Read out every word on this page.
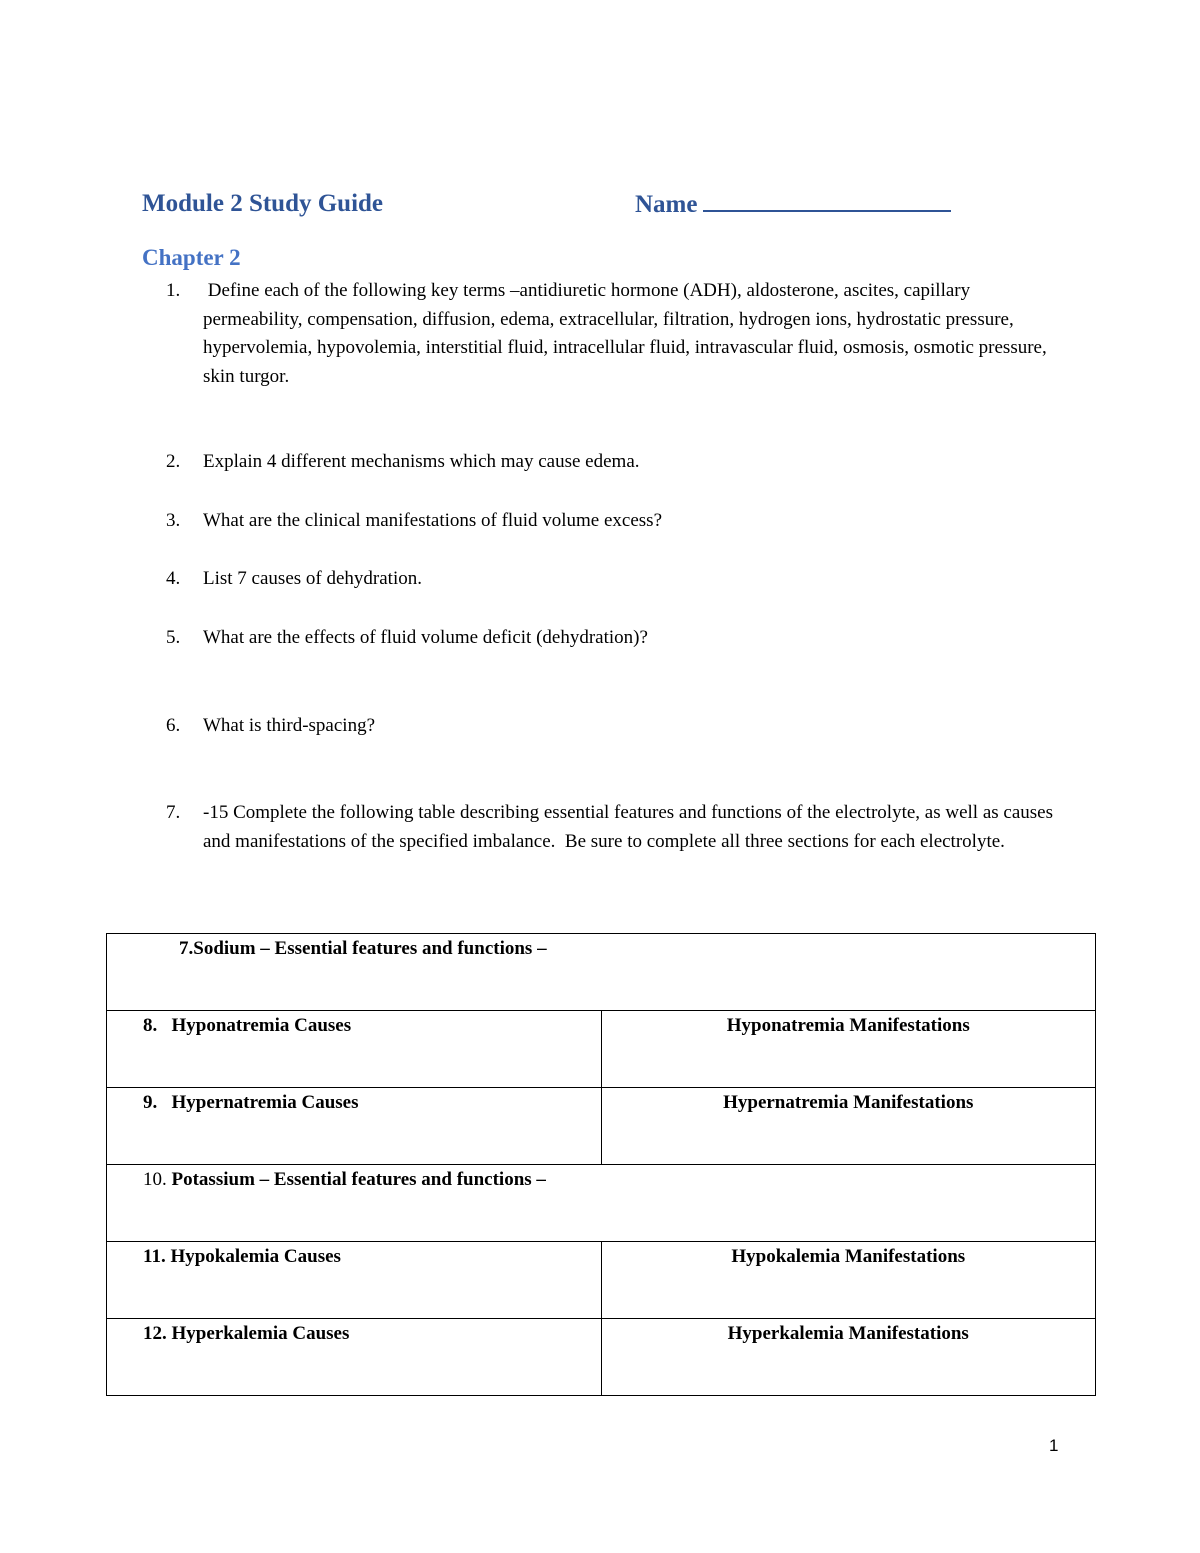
Module 2 Study Guide	Name
Chapter 2
1.	Define each of the following key terms –antidiuretic hormone (ADH), aldosterone, ascites, capillary permeability, compensation, diffusion, edema, extracellular, filtration, hydrogen ions, hydrostatic pressure, hypervolemia, hypovolemia, interstitial fluid, intracellular fluid, intravascular fluid, osmosis, osmotic pressure, skin turgor.
2.	Explain 4 different mechanisms which may cause edema.
3.	What are the clinical manifestations of fluid volume excess?
4.	List 7 causes of dehydration.
5.	What are the effects of fluid volume deficit (dehydration)?
6.	What is third-spacing?
7.	-15 Complete the following table describing essential features and functions of the electrolyte, as well as causes and manifestations of the specified imbalance.  Be sure to complete all three sections for each electrolyte.
7.Sodium – Essential features and functions –	
8.   Hyponatremia Causes	Hyponatremia Manifestations
9.   Hypernatremia Causes	Hypernatremia Manifestations
10. Potassium – Essential features and functions –	
11. Hypokalemia Causes	Hypokalemia Manifestations
12. Hyperkalemia Causes	Hyperkalemia Manifestations
1
